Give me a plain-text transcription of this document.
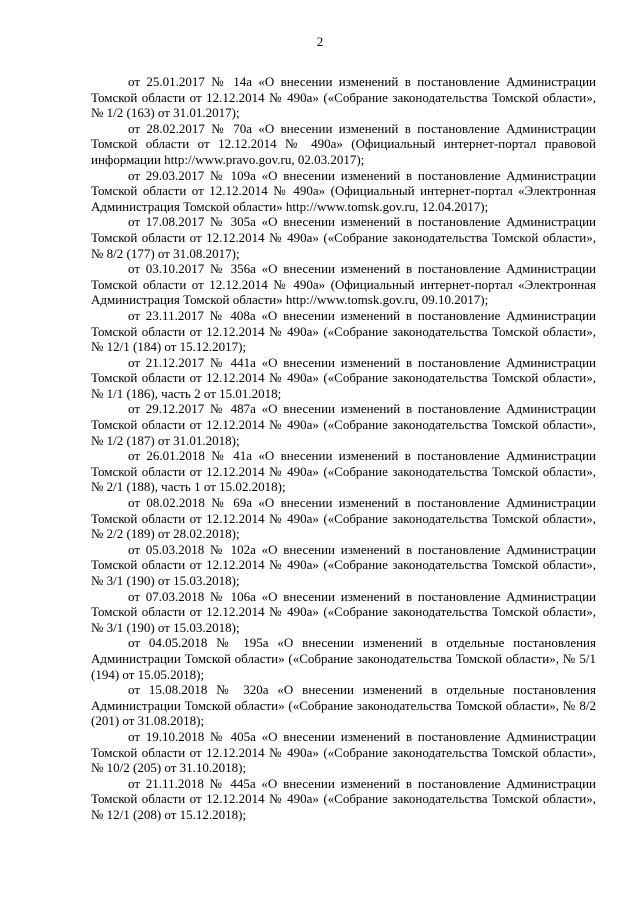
2

от 25.01.2017 № 14а «О внесении изменений в постановление Администрации Томской области от 12.12.2014 № 490а» («Собрание законодательства Томской области», № 1/2 (163) от 31.01.2017);

от 28.02.2017 № 70а «О внесении изменений в постановление Администрации Томской области от 12.12.2014 № 490а» (Официальный интернет-портал правовой информации http://www.pravo.gov.ru, 02.03.2017);

от 29.03.2017 № 109а «О внесении изменений в постановление Администрации Томской области от 12.12.2014 № 490а» (Официальный интернет-портал «Электронная Администрация Томской области» http://www.tomsk.gov.ru, 12.04.2017);

от 17.08.2017 № 305а «О внесении изменений в постановление Администрации Томской области от 12.12.2014 № 490а» («Собрание законодательства Томской области», № 8/2 (177) от 31.08.2017);

от 03.10.2017 № 356а «О внесении изменений в постановление Администрации Томской области от 12.12.2014 № 490а» (Официальный интернет-портал «Электронная Администрация Томской области» http://www.tomsk.gov.ru, 09.10.2017);

от 23.11.2017 № 408а «О внесении изменений в постановление Администрации Томской области от 12.12.2014 № 490а» («Собрание законодательства Томской области», № 12/1 (184) от 15.12.2017);

от 21.12.2017 № 441а «О внесении изменений в постановление Администрации Томской области от 12.12.2014 № 490а» («Собрание законодательства Томской области», № 1/1 (186), часть 2 от 15.01.2018;

от 29.12.2017 № 487а «О внесении изменений в постановление Администрации Томской области от 12.12.2014 № 490а» («Собрание законодательства Томской области», № 1/2 (187) от 31.01.2018);

от 26.01.2018 № 41а «О внесении изменений в постановление Администрации Томской области от 12.12.2014 № 490а» («Собрание законодательства Томской области», № 2/1 (188), часть 1 от 15.02.2018);

от 08.02.2018 № 69а «О внесении изменений в постановление Администрации Томской области от 12.12.2014 № 490а» («Собрание законодательства Томской области», № 2/2 (189) от 28.02.2018);

от 05.03.2018 № 102а «О внесении изменений в постановление Администрации Томской области от 12.12.2014 № 490а» («Собрание законодательства Томской области», № 3/1 (190) от 15.03.2018);

от 07.03.2018 № 106а «О внесении изменений в постановление Администрации Томской области от 12.12.2014 № 490а» («Собрание законодательства Томской области», № 3/1 (190) от 15.03.2018);

от 04.05.2018 № 195а «О внесении изменений в отдельные постановления Администрации Томской области» («Собрание законодательства Томской области», № 5/1 (194) от 15.05.2018);

от 15.08.2018 № 320а «О внесении изменений в отдельные постановления Администрации Томской области» («Собрание законодательства Томской области», № 8/2 (201) от 31.08.2018);

от 19.10.2018 № 405а «О внесении изменений в постановление Администрации Томской области от 12.12.2014 № 490а» («Собрание законодательства Томской области», № 10/2 (205) от 31.10.2018);

от 21.11.2018 № 445а «О внесении изменений в постановление Администрации Томской области от 12.12.2014 № 490а» («Собрание законодательства Томской области», № 12/1 (208) от 15.12.2018);
